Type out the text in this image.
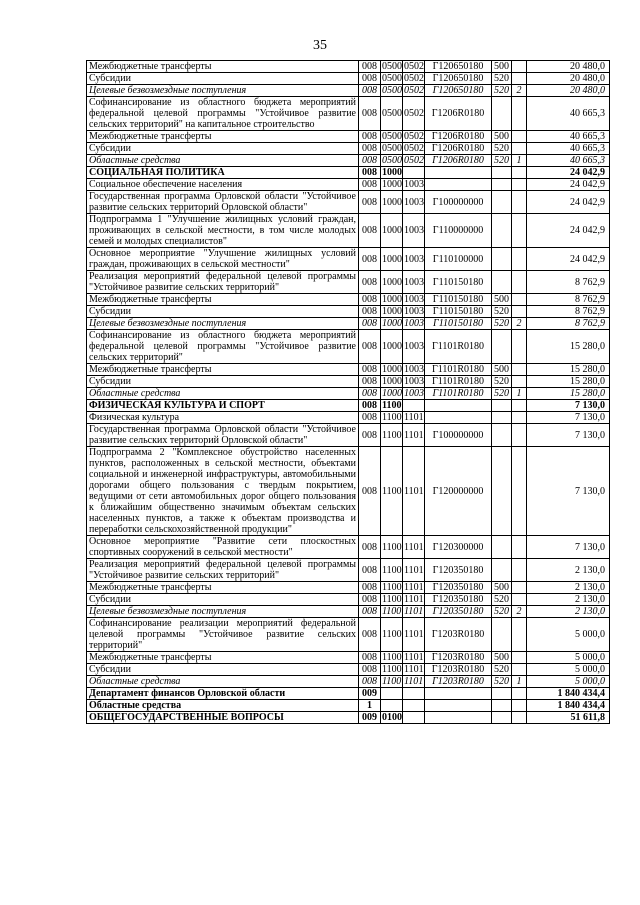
35
Межбюджетные трансферты	008	0500	0502	Г120650180	500		20 480,0
Субсидии	008	0500	0502	Г120650180	520		20 480,0
Целевые безвозмездные поступления	008	0500	0502	Г120650180	520	2	20 480,0
Софинансирование из областного бюджета мероприятий федеральной целевой программы "Устойчивое развитие сельских территорий" на капитальное строительство	008	0500	0502	Г1206R0180			40 665,3
Межбюджетные трансферты	008	0500	0502	Г1206R0180	500		40 665,3
Субсидии	008	0500	0502	Г1206R0180	520		40 665,3
Областные средства	008	0500	0502	Г1206R0180	520	1	40 665,3
СОЦИАЛЬНАЯ ПОЛИТИКА	008	1000					24 042,9
Социальное обеспечение населения	008	1000	1003				24 042,9
Государственная программа Орловской области "Устойчивое развитие сельских территорий Орловской области"	008	1000	1003	Г100000000			24 042,9
Подпрограмма 1 "Улучшение жилищных условий граждан, проживающих в сельской местности, в том числе молодых семей и молодых специалистов"	008	1000	1003	Г110000000			24 042,9
Основное мероприятие "Улучшение жилищных условий граждан, проживающих в сельской местности"	008	1000	1003	Г110100000			24 042,9
Реализация мероприятий федеральной целевой программы "Устойчивое развитие сельских территорий"	008	1000	1003	Г110150180			8 762,9
Межбюджетные трансферты	008	1000	1003	Г110150180	500		8 762,9
Субсидии	008	1000	1003	Г110150180	520		8 762,9
Целевые безвозмездные поступления	008	1000	1003	Г110150180	520	2	8 762,9
Софинансирование из областного бюджета мероприятий федеральной целевой программы "Устойчивое развитие сельских территорий"	008	1000	1003	Г1101R0180			15 280,0
Межбюджетные трансферты	008	1000	1003	Г1101R0180	500		15 280,0
Субсидии	008	1000	1003	Г1101R0180	520		15 280,0
Областные средства	008	1000	1003	Г1101R0180	520	1	15 280,0
ФИЗИЧЕСКАЯ КУЛЬТУРА И СПОРТ	008	1100					7 130,0
Физическая культура	008	1100	1101				7 130,0
Государственная программа Орловской области "Устойчивое развитие сельских территорий Орловской области"	008	1100	1101	Г100000000			7 130,0
Подпрограмма 2 "Комплексное обустройство населенных пунктов, расположенных в сельской местности, объектами социальной и инженерной инфраструктуры, автомобильными дорогами общего пользования с твердым покрытием, ведущими от сети автомобильных дорог общего пользования к ближайшим общественно значимым объектам сельских населенных пунктов, а также к объектам производства и переработки сельскохозяйственной продукции"	008	1100	1101	Г120000000			7 130,0
Основное мероприятие "Развитие сети плоскостных спортивных сооружений в сельской местности"	008	1100	1101	Г120300000			7 130,0
Реализация мероприятий федеральной целевой программы "Устойчивое развитие сельских территорий"	008	1100	1101	Г120350180			2 130,0
Межбюджетные трансферты	008	1100	1101	Г120350180	500		2 130,0
Субсидии	008	1100	1101	Г120350180	520		2 130,0
Целевые безвозмездные поступления	008	1100	1101	Г120350180	520	2	2 130,0
Софинансирование реализации мероприятий федеральной целевой программы "Устойчивое развитие сельских территорий"	008	1100	1101	Г1203R0180			5 000,0
Межбюджетные трансферты	008	1100	1101	Г1203R0180	500		5 000,0
Субсидии	008	1100	1101	Г1203R0180	520		5 000,0
Областные средства	008	1100	1101	Г1203R0180	520	1	5 000,0
Департамент финансов Орловской области	009						1 840 434,4
Областные средства	1						1 840 434,4
ОБЩЕГОСУДАРСТВЕННЫЕ ВОПРОСЫ	009	0100					51 611,8
